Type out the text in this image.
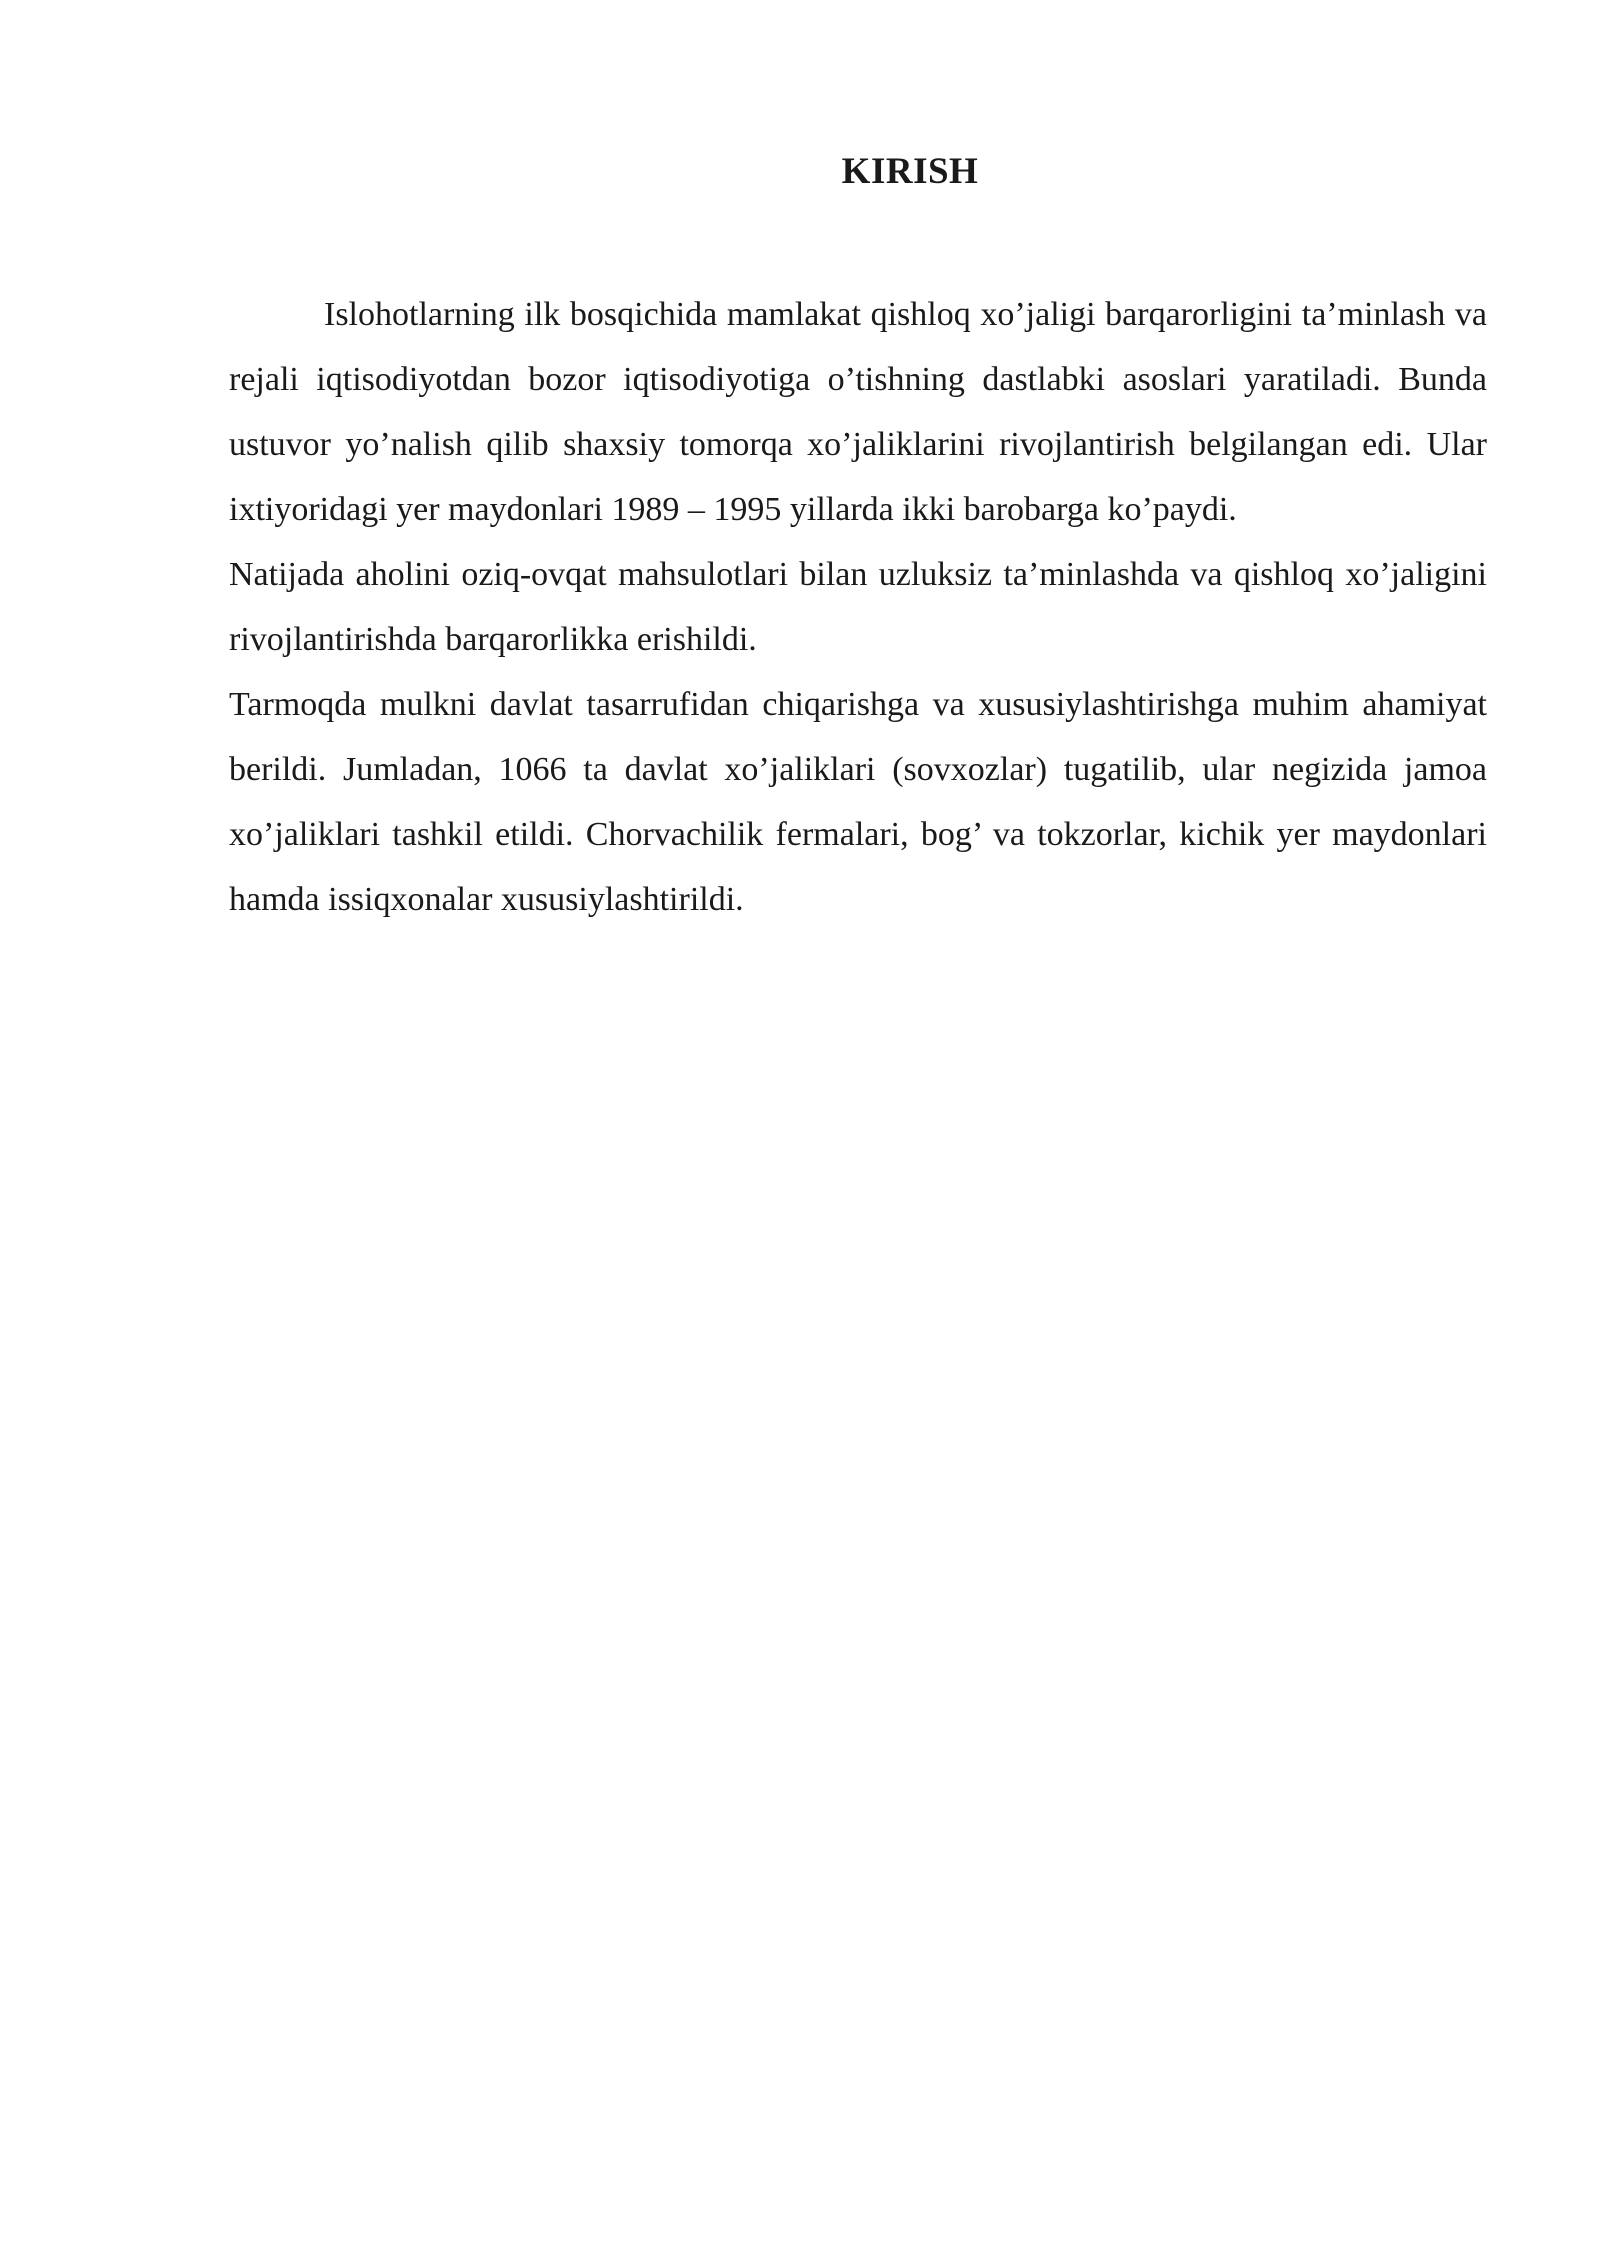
KIRISH

Islohotlarning ilk bosqichida mamlakat qishloq xo’jaligi barqarorligini ta’minlash va rejali iqtisodiyotdan bozor iqtisodiyotiga o’tishning dastlabki asoslari yaratiladi. Bunda ustuvor yo’nalish qilib shaxsiy tomorqa xo’jaliklarini rivojlantirish belgilangan edi. Ular ixtiyoridagi yer maydonlari 1989 – 1995 yillarda ikki barobarga ko’paydi.

Natijada aholini oziq-ovqat mahsulotlari bilan uzluksiz ta’minlashda va qishloq xo’jaligini rivojlantirishda barqarorlikka erishildi.

Tarmoqda mulkni davlat tasarrufidan chiqarishga va xususiylashtirishga muhim ahamiyat berildi. Jumladan, 1066 ta davlat xo’jaliklari (sovxozlar) tugatilib, ular negizida jamoa xo’jaliklari tashkil etildi. Chorvachilik fermalari, bog’ va tokzorlar, kichik yer maydonlari hamda issiqxonalar xususiylashtirildi.
